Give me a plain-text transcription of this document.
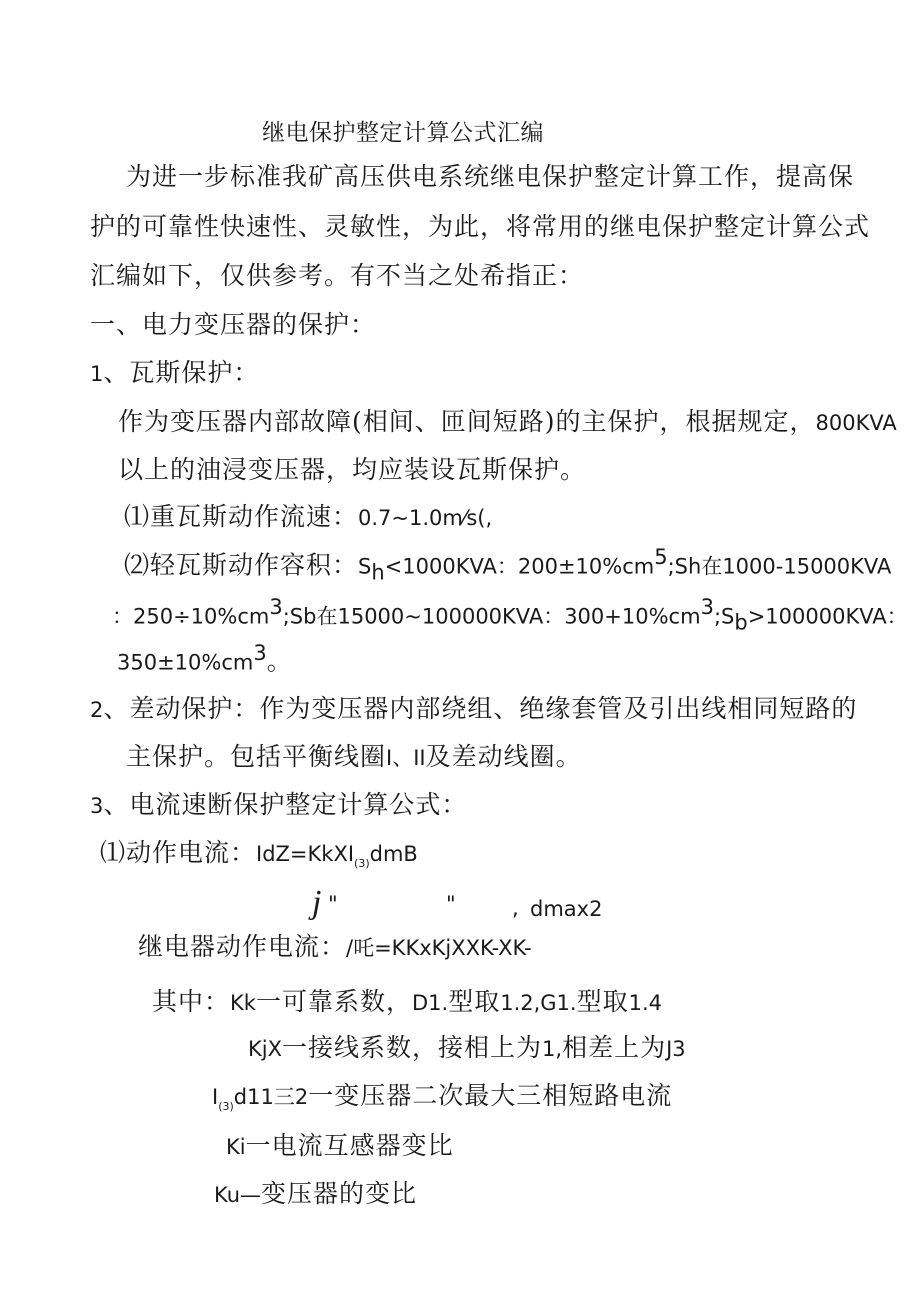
继电保护整定计算公式汇编
为进一步标准我矿高压供电系统继电保护整定计算工作，提高保
护的可靠性快速性、灵敏性，为此，将常用的继电保护整定计算公式
汇编如下，仅供参考。有不当之处希指正：
一、电力变压器的保护：
1、瓦斯保护：
作为变压器内部故障(相间、匝间短路)的主保护，根据规定，800KVA
以上的油浸变压器，均应装设瓦斯保护。
⑴重瓦斯动作流速：0.7~1.0m⁄s(,
⑵轻瓦斯动作容积：$S_h<1000KVA$：$200\pm 10\%cm^5;Sh$在1000-15000KVA
：$250\div 10\%cm^3;Sb$在15000~100000KVA：$300+10\%cm^3;S_b>100000KVA$：
$350\pm 10\%cm^3$。
2、差动保护：作为变压器内部绕组、绝缘套管及引出线相同短路的
主保护。包括平衡线圈I、II及差动线圈。
3、电流速断保护整定计算公式：
⑴动作电流：IdZ=KkXI$_{(3)}$dmB
j "	"	, dmax2
继电器动作电流：/吒=KKxKjXXK-XK-
其中：Kk一可靠系数，D1.型取1.2,G1.型取1.4
KjX一接线系数，接相上为1,相差上为J3
$I_{(3)}d11$三2一变压器二次最大三相短路电流
Ki一电流互感器变比
Ku—变压器的变比
